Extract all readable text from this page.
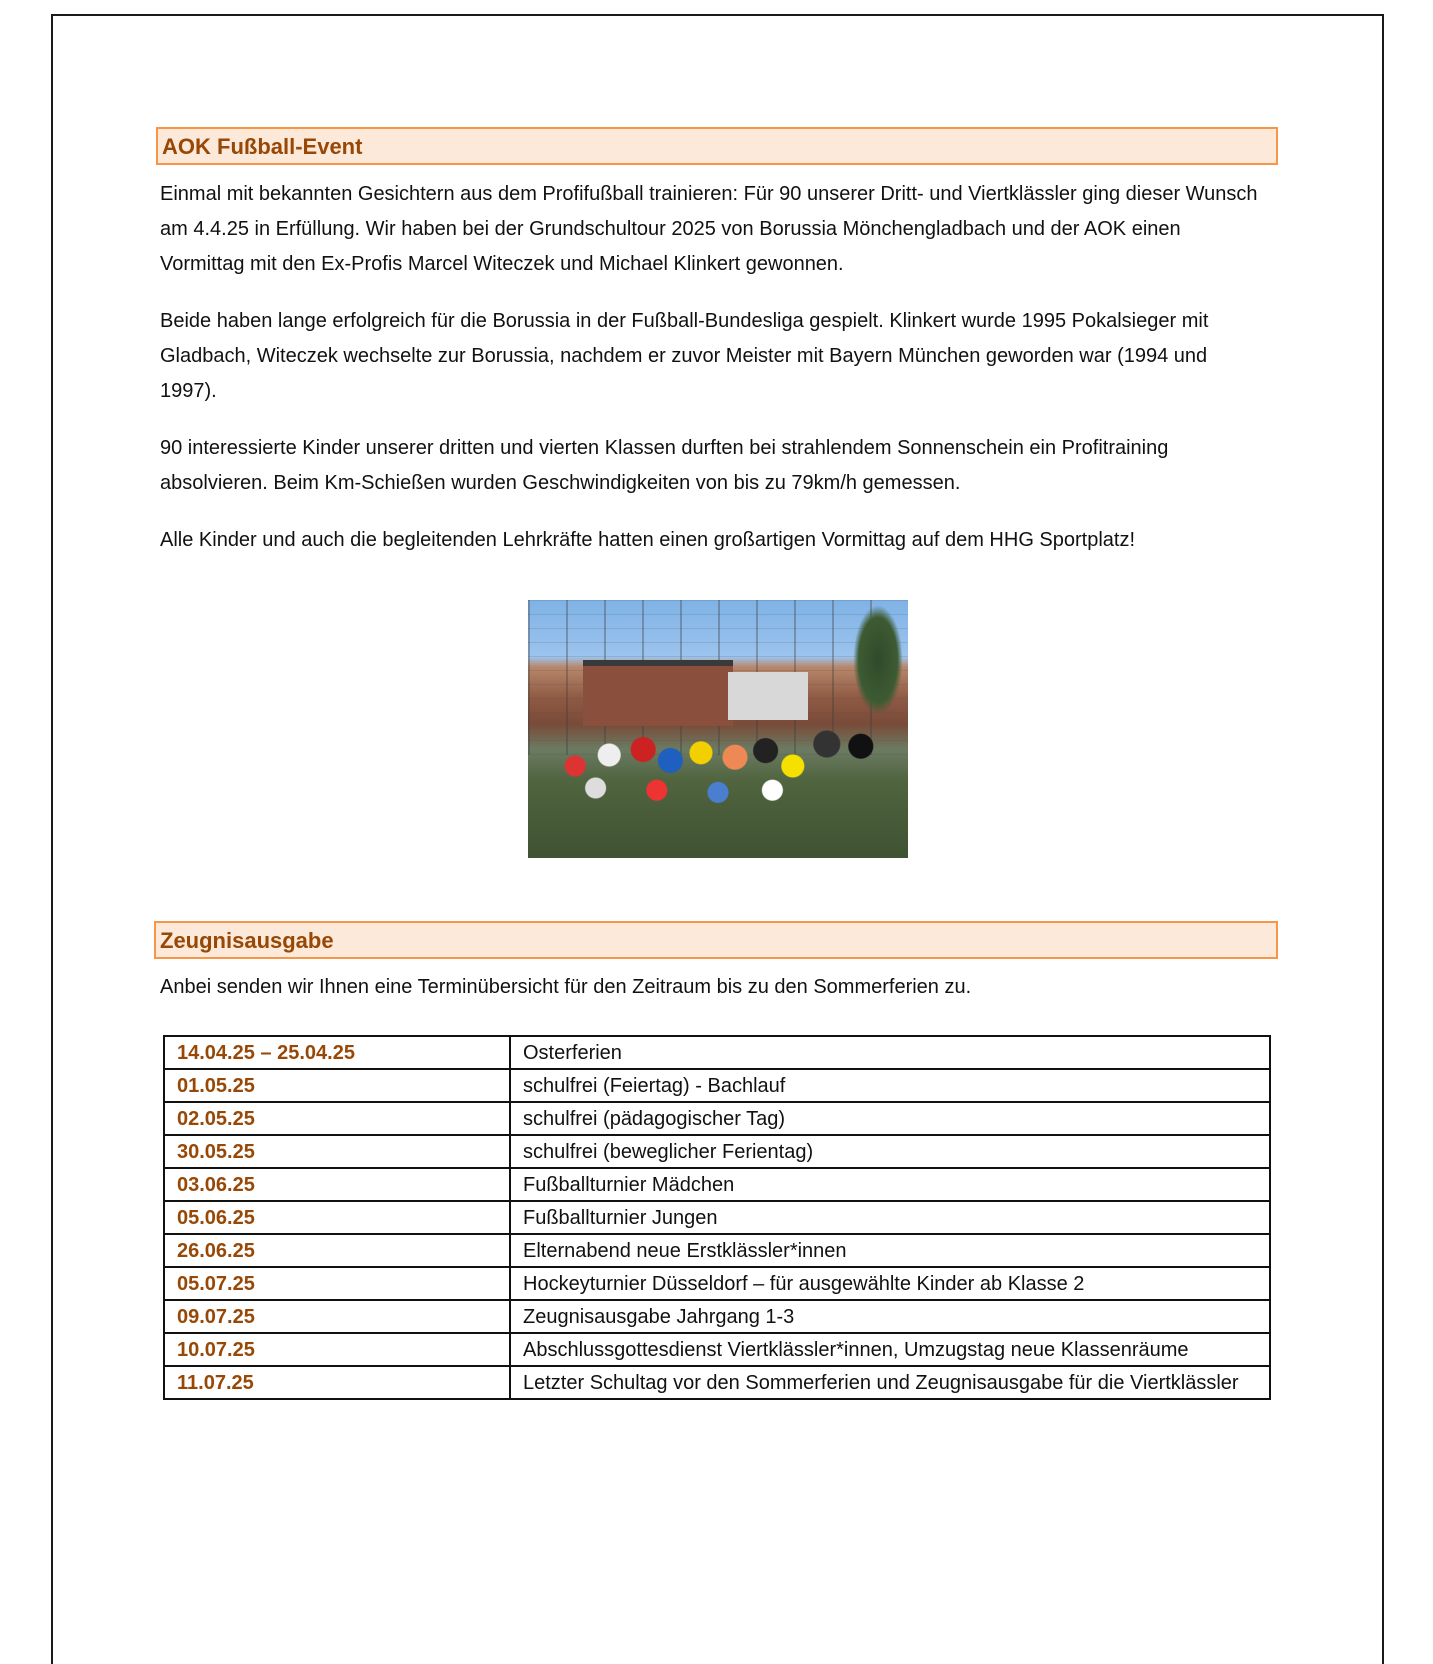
AOK Fußball-Event

Einmal mit bekannten Gesichtern aus dem Profifußball trainieren: Für 90 unserer Dritt- und Viertklässler ging dieser Wunsch am 4.4.25 in Erfüllung. Wir haben bei der Grundschultour 2025 von Borussia Mönchengladbach und der AOK einen Vormittag mit den Ex-Profis Marcel Witeczek und Michael Klinkert gewonnen.

Beide haben lange erfolgreich für die Borussia in der Fußball-Bundesliga gespielt. Klinkert wurde 1995 Pokalsieger mit Gladbach, Witeczek wechselte zur Borussia, nachdem er zuvor Meister mit Bayern München geworden war (1994 und 1997).

90 interessierte Kinder unserer dritten und vierten Klassen durften bei strahlendem Sonnenschein ein Profitraining absolvieren. Beim Km-Schießen wurden Geschwindigkeiten von bis zu 79km/h gemessen.

Alle Kinder und auch die begleitenden Lehrkräfte hatten einen großartigen Vormittag auf dem HHG Sportplatz!

Zeugnisausgabe

Anbei senden wir Ihnen eine Terminübersicht für den Zeitraum bis zu den Sommerferien zu.

14.04.25 – 25.04.25	Osterferien
01.05.25	schulfrei (Feiertag) - Bachlauf
02.05.25	schulfrei (pädagogischer Tag)
30.05.25	schulfrei (beweglicher Ferientag)
03.06.25	Fußballturnier Mädchen
05.06.25	Fußballturnier Jungen
26.06.25	Elternabend neue Erstklässler*innen
05.07.25	Hockeyturnier Düsseldorf – für ausgewählte Kinder ab Klasse 2
09.07.25	Zeugnisausgabe Jahrgang 1-3
10.07.25	Abschlussgottesdienst Viertklässler*innen, Umzugstag neue Klassenräume
11.07.25	Letzter Schultag vor den Sommerferien und Zeugnisausgabe für die Viertklässler
